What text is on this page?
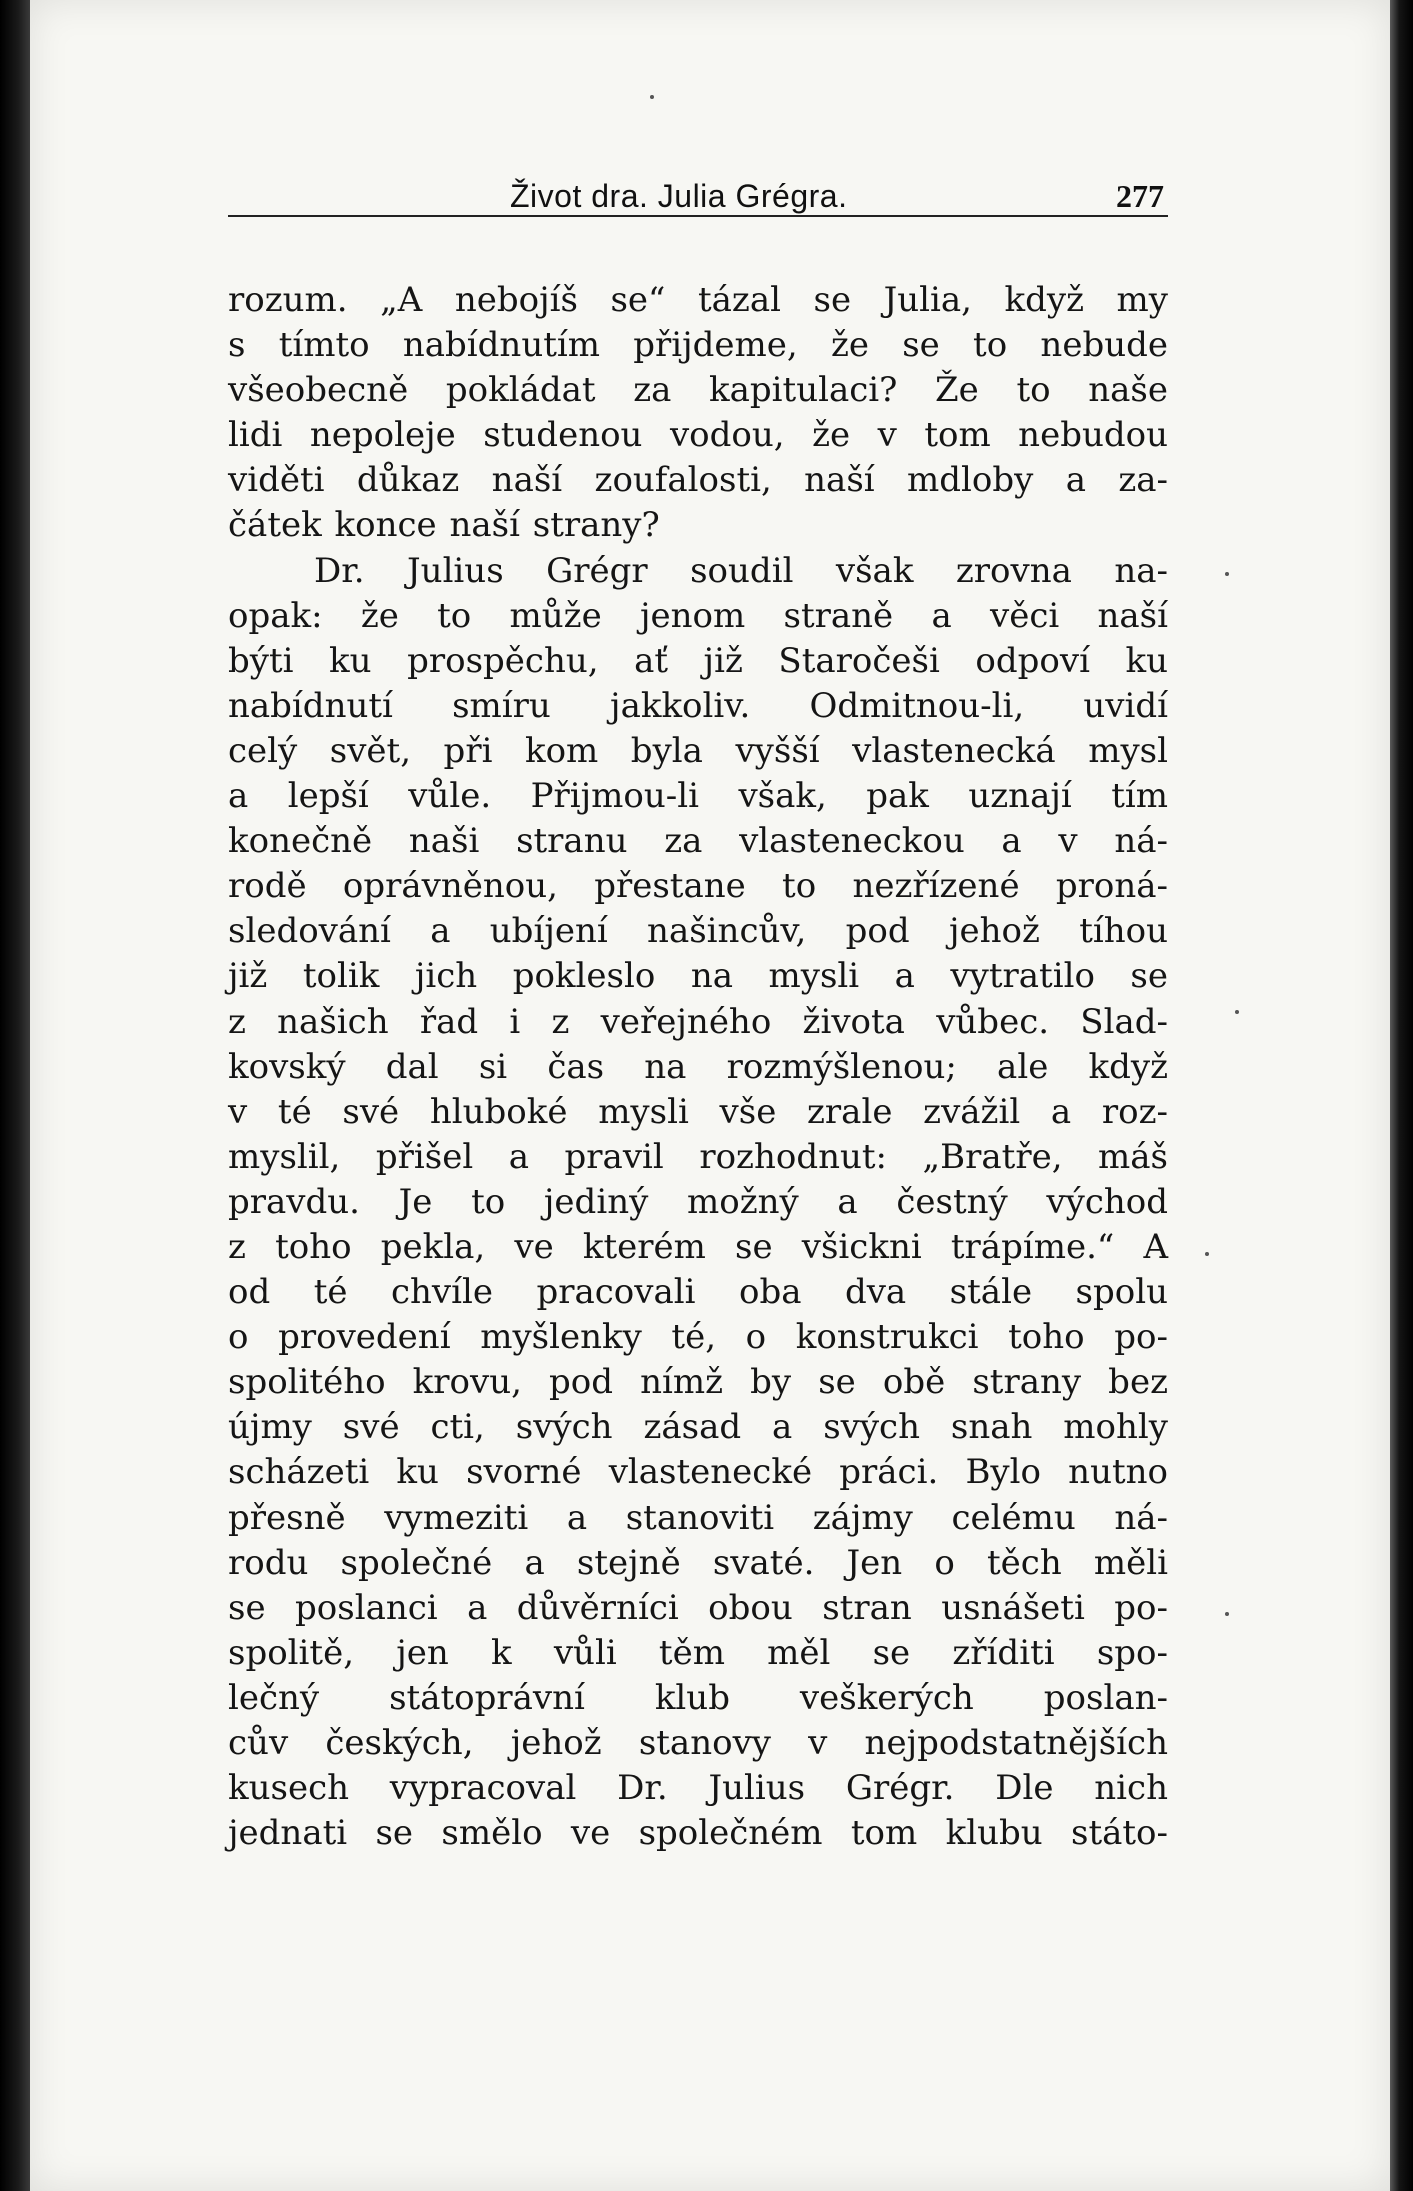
Život dra. Julia Grégra.	277
rozum. „A nebojíš se“ tázal se Julia, když my
s tímto nabídnutím přijdeme, že se to nebude
všeobecně pokládat za kapitulaci? Že to naše
lidi nepoleje studenou vodou, že v tom nebudou
viděti důkaz naší zoufalosti, naší mdloby a za-
čátek konce naší strany?
Dr. Julius Grégr soudil však zrovna na-
opak: že to může jenom straně a věci naší
býti ku prospěchu, ať již Staročeši odpoví ku
nabídnutí smíru jakkoliv. Odmitnou-li, uvidí
celý svět, při kom byla vyšší vlastenecká mysl
a lepší vůle. Přijmou-li však, pak uznají tím
konečně naši stranu za vlasteneckou a v ná-
rodě oprávněnou, přestane to nezřízené proná-
sledování a ubíjení našincův, pod jehož tíhou
již tolik jich pokleslo na mysli a vytratilo se
z našich řad i z veřejného života vůbec. Slad-
kovský dal si čas na rozmýšlenou; ale když
v té své hluboké mysli vše zrale zvážil a roz-
myslil, přišel a pravil rozhodnut: „Bratře, máš
pravdu. Je to jediný možný a čestný východ
z toho pekla, ve kterém se všickni trápíme.“ A
od té chvíle pracovali oba dva stále spolu
o provedení myšlenky té, o konstrukci toho po-
spolitého krovu, pod nímž by se obě strany bez
újmy své cti, svých zásad a svých snah mohly
scházeti ku svorné vlastenecké práci. Bylo nutno
přesně vymeziti a stanoviti zájmy celému ná-
rodu společné a stejně svaté. Jen o těch měli
se poslanci a důvěrníci obou stran usnášeti po-
spolitě, jen k vůli těm měl se zříditi spo-
lečný státoprávní klub veškerých poslan-
cův českých, jehož stanovy v nejpodstatnějších
kusech vypracoval Dr. Julius Grégr. Dle nich
jednati se smělo ve společném tom klubu státo-
